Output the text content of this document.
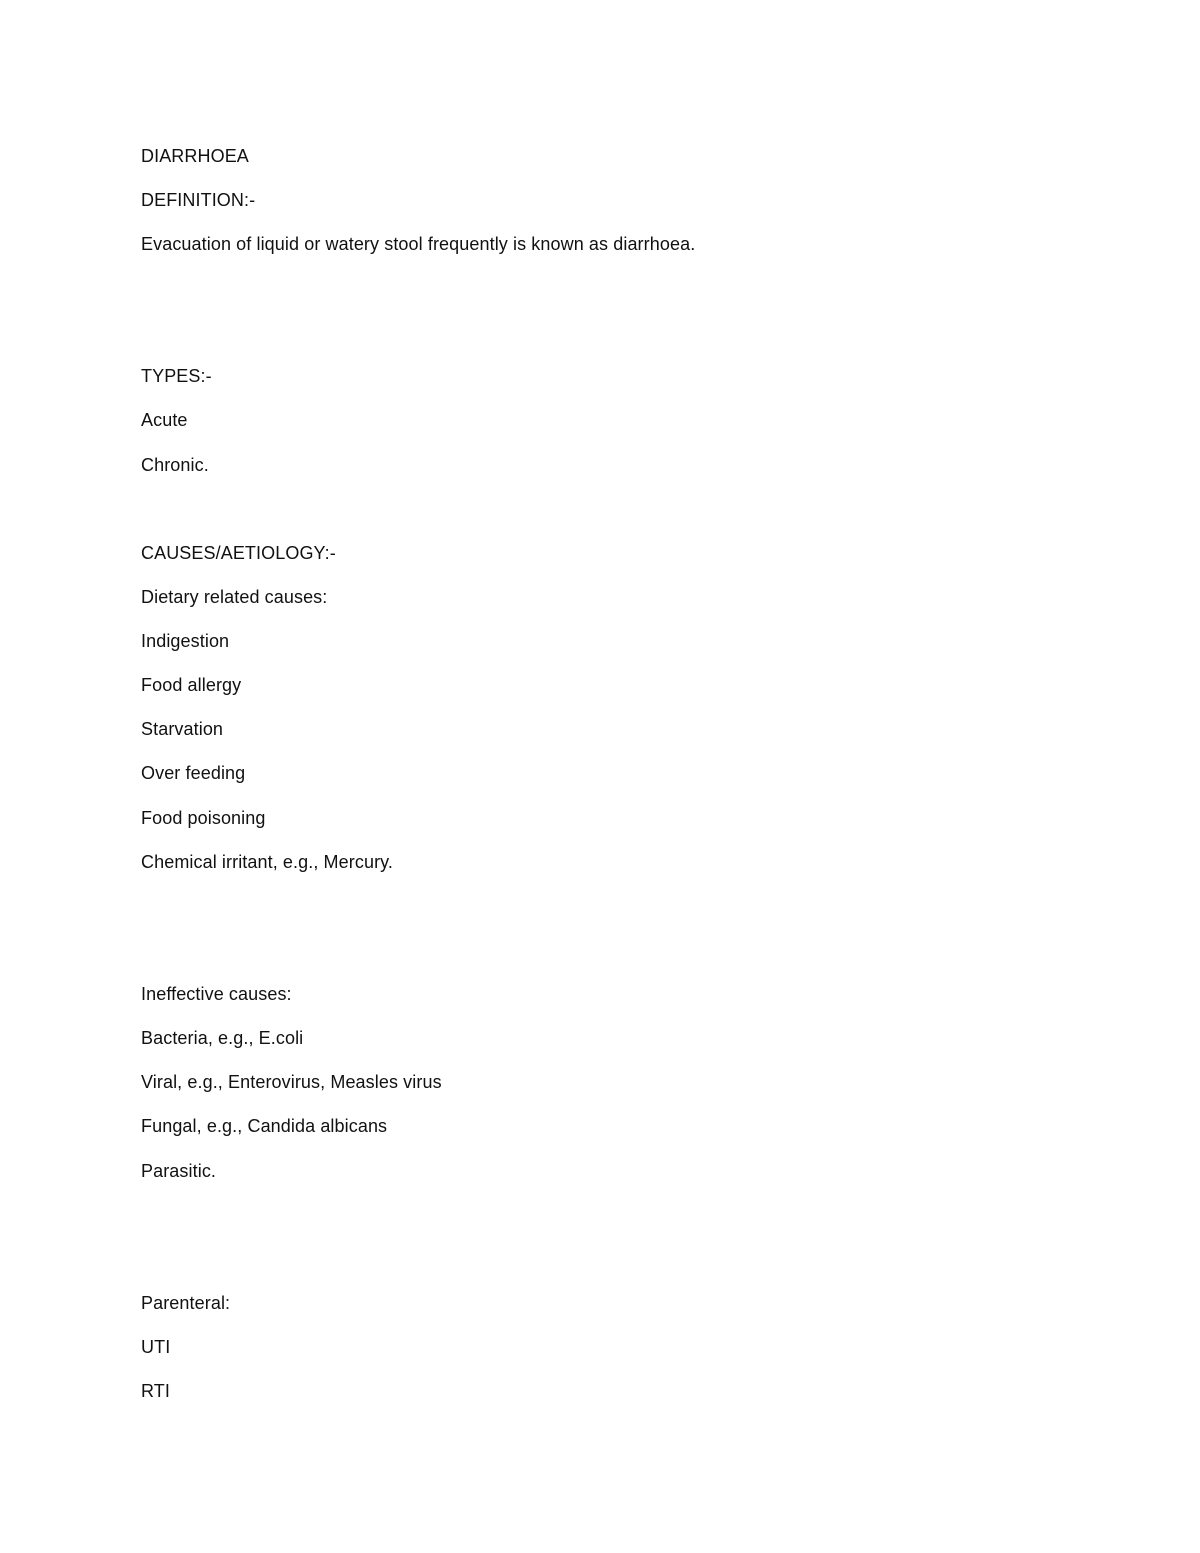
DIARRHOEA
DEFINITION:-
Evacuation of liquid or watery stool frequently is known as diarrhoea.
TYPES:-
Acute
Chronic.
CAUSES/AETIOLOGY:-
Dietary related causes:
Indigestion
Food allergy
Starvation
Over feeding
Food poisoning
Chemical irritant, e.g., Mercury.
Ineffective causes:
Bacteria, e.g., E.coli
Viral, e.g., Enterovirus, Measles virus
Fungal, e.g., Candida albicans
Parasitic.
Parenteral:
UTI
RTI
